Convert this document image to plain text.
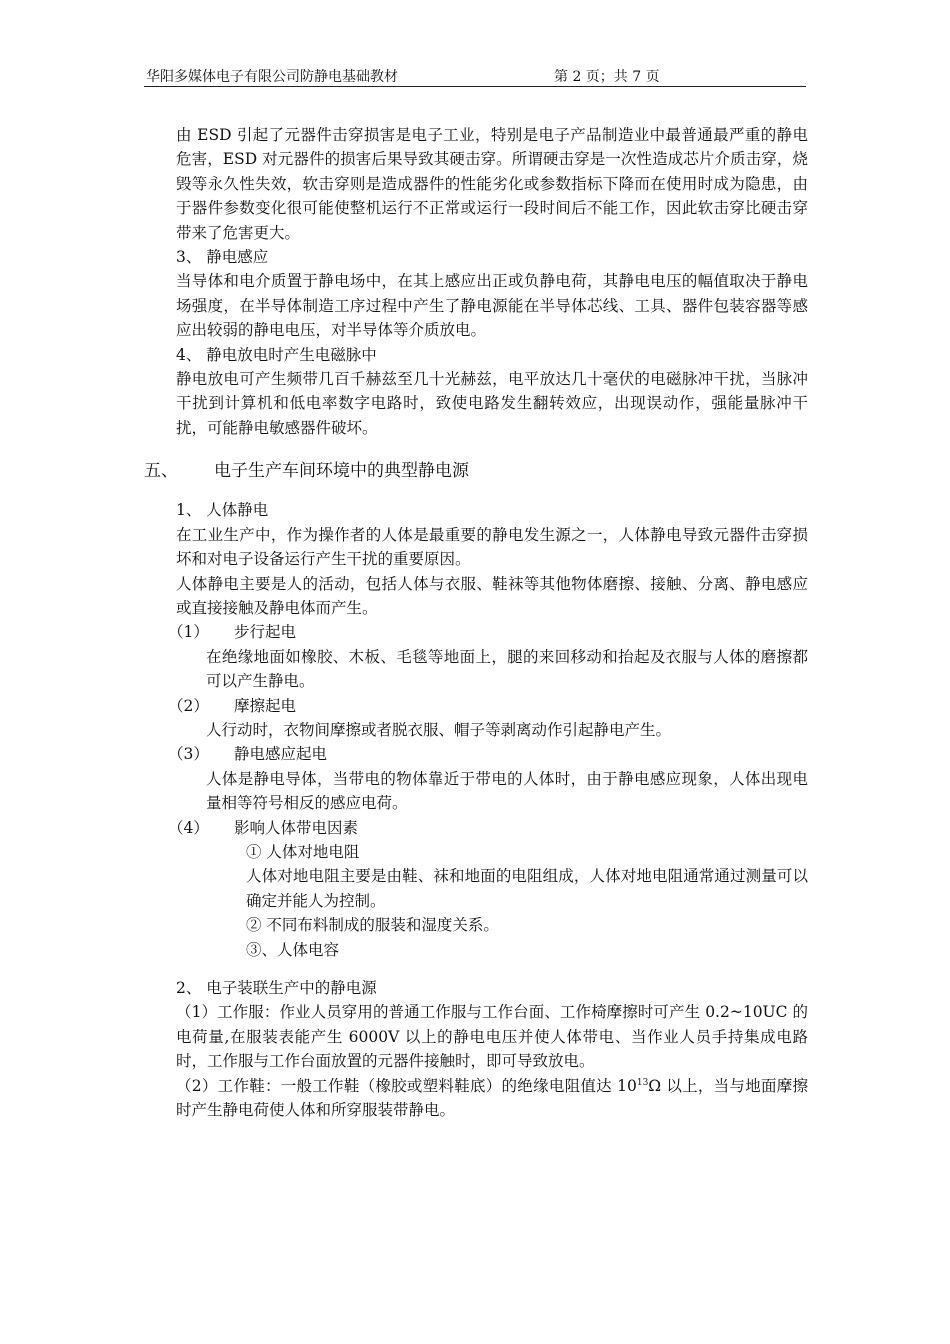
华阳多媒体电子有限公司防静电基础教材	第 2 页；共 7 页

由 ESD 引起了元器件击穿损害是电子工业，特别是电子产品制造业中最普通最严重的静电危害，ESD 对元器件的损害后果导致其硬击穿。所谓硬击穿是一次性造成芯片介质击穿，烧毁等永久性失效，软击穿则是造成器件的性能劣化或参数指标下降而在使用时成为隐患，由于器件参数变化很可能使整机运行不正常或运行一段时间后不能工作，因此软击穿比硬击穿带来了危害更大。

3、 静电感应

当导体和电介质置于静电场中，在其上感应出正或负静电荷，其静电电压的幅值取决于静电场强度，在半导体制造工序过程中产生了静电源能在半导体芯线、工具、器件包装容器等感应出较弱的静电电压，对半导体等介质放电。

4、 静电放电时产生电磁脉中

静电放电可产生频带几百千赫兹至几十光赫兹，电平放达几十毫伏的电磁脉冲干扰，当脉冲干扰到计算机和低电率数字电路时，致使电路发生翻转效应，出现误动作，强能量脉冲干扰，可能静电敏感器件破坏。

五、 电子生产车间环境中的典型静电源

1、 人体静电

在工业生产中，作为操作者的人体是最重要的静电发生源之一，人体静电导致元器件击穿损坏和对电子设备运行产生干扰的重要原因。

人体静电主要是人的活动，包括人体与衣服、鞋袜等其他物体磨擦、接触、分离、静电感应或直接接触及静电体而产生。

（1） 步行起电

在绝缘地面如橡胶、木板、毛毯等地面上，腿的来回移动和抬起及衣服与人体的磨擦都可以产生静电。

（2） 摩擦起电

人行动时，衣物间摩擦或者脱衣服、帽子等剥离动作引起静电产生。

（3） 静电感应起电

人体是静电导体，当带电的物体靠近于带电的人体时，由于静电感应现象，人体出现电量相等符号相反的感应电荷。

（4） 影响人体带电因素

① 人体对地电阻

人体对地电阻主要是由鞋、袜和地面的电阻组成，人体对地电阻通常通过测量可以确定并能人为控制。

② 不同布料制成的服装和湿度关系。

③、人体电容

2、 电子装联生产中的静电源

（1）工作服：作业人员穿用的普通工作服与工作台面、工作椅摩擦时可产生 0.2~10UC 的电荷量,在服装表能产生 6000V 以上的静电电压并使人体带电、当作业人员手持集成电路时，工作服与工作台面放置的元器件接触时，即可导致放电。

（2）工作鞋：一般工作鞋（橡胶或塑料鞋底）的绝缘电阻值达 $10^{13}\Omega$ 以上，当与地面摩擦时产生静电荷使人体和所穿服装带静电。
